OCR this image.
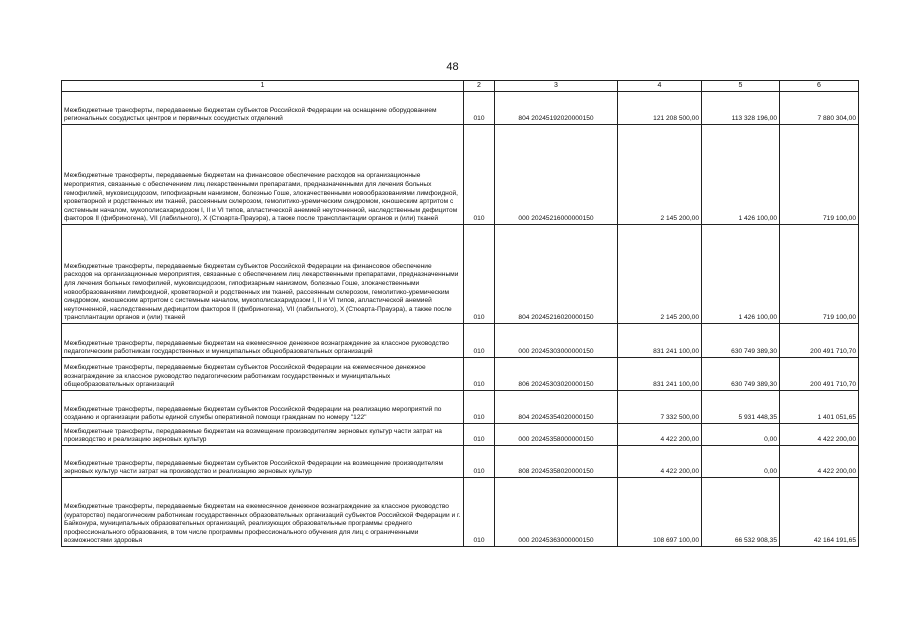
48
1	2	3	4	5	6
Межбюджетные трансферты, передаваемые бюджетам субъектов Российской Федерации на оснащение оборудованием региональных сосудистых центров и первичных сосудистых отделений	010	804 20245192020000150	121 208 500,00	113 328 196,00	7 880 304,00
Межбюджетные трансферты, передаваемые бюджетам на финансовое обеспечение расходов на организационные мероприятия, связанные с обеспечением лиц лекарственными препаратами, предназначенными для лечения больных гемофилией, муковисцидозом, гипофизарным нанизмом, болезнью Гоше, злокачественными новообразованиями лимфоидной, кроветворной и родственных им тканей, рассеянным склерозом, гемолитико-уремическим синдромом, юношеским артритом с системным началом, мукополисахаридозом I, II и VI типов, апластической анемией неуточненной, наследственным дефицитом факторов II (фибриногена), VII (лабильного), X (Стюарта-Прауэра), а также после трансплантации органов и (или) тканей	010	000 20245216000000150	2 145 200,00	1 426 100,00	719 100,00
Межбюджетные трансферты, передаваемые бюджетам субъектов Российской Федерации на финансовое обеспечение расходов на организационные мероприятия, связанные с обеспечением лиц лекарственными препаратами, предназначенными для лечения больных гемофилией, муковисцидозом, гипофизарным нанизмом, болезнью Гоше, злокачественными новообразованиями лимфоидной, кроветворной и родственных им тканей, рассеянным склерозом, гемолитико-уремическим синдромом, юношеским артритом с системным началом, мукополисахаридозом I, II и VI типов, апластической анемией неуточненной, наследственным дефицитом факторов II (фибриногена), VII (лабильного), X (Стюарта-Прауэра), а также после трансплантации органов и (или) тканей	010	804 20245216020000150	2 145 200,00	1 426 100,00	719 100,00
Межбюджетные трансферты, передаваемые бюджетам на ежемесячное денежное вознаграждение за классное руководство педагогическим работникам государственных и муниципальных общеобразовательных организаций	010	000 20245303000000150	831 241 100,00	630 749 389,30	200 491 710,70
Межбюджетные трансферты, передаваемые бюджетам субъектов Российской Федерации на ежемесячное денежное вознаграждение за классное руководство педагогическим работникам государственных и муниципальных общеобразовательных организаций	010	806 20245303020000150	831 241 100,00	630 749 389,30	200 491 710,70
Межбюджетные трансферты, передаваемые бюджетам субъектов Российской Федерации на реализацию мероприятий по созданию и организации работы единой службы оперативной помощи гражданам по номеру "122"	010	804 20245354020000150	7 332 500,00	5 931 448,35	1 401 051,65
Межбюджетные трансферты, передаваемые бюджетам на возмещение производителям зерновых культур части затрат на производство и реализацию зерновых культур	010	000 20245358000000150	4 422 200,00	0,00	4 422 200,00
Межбюджетные трансферты, передаваемые бюджетам субъектов Российской Федерации на возмещение производителям зерновых культур части затрат на производство и реализацию зерновых культур	010	808 20245358020000150	4 422 200,00	0,00	4 422 200,00
Межбюджетные трансферты, передаваемые бюджетам на ежемесячное денежное вознаграждение за классное руководство (кураторство) педагогическим работникам государственных образовательных организаций субъектов Российской Федерации и г. Байконура, муниципальных образовательных организаций, реализующих образовательные программы среднего профессионального образования, в том числе программы профессионального обучения для лиц с ограниченными возможностями здоровья	010	000 20245363000000150	108 697 100,00	66 532 908,35	42 164 191,65
